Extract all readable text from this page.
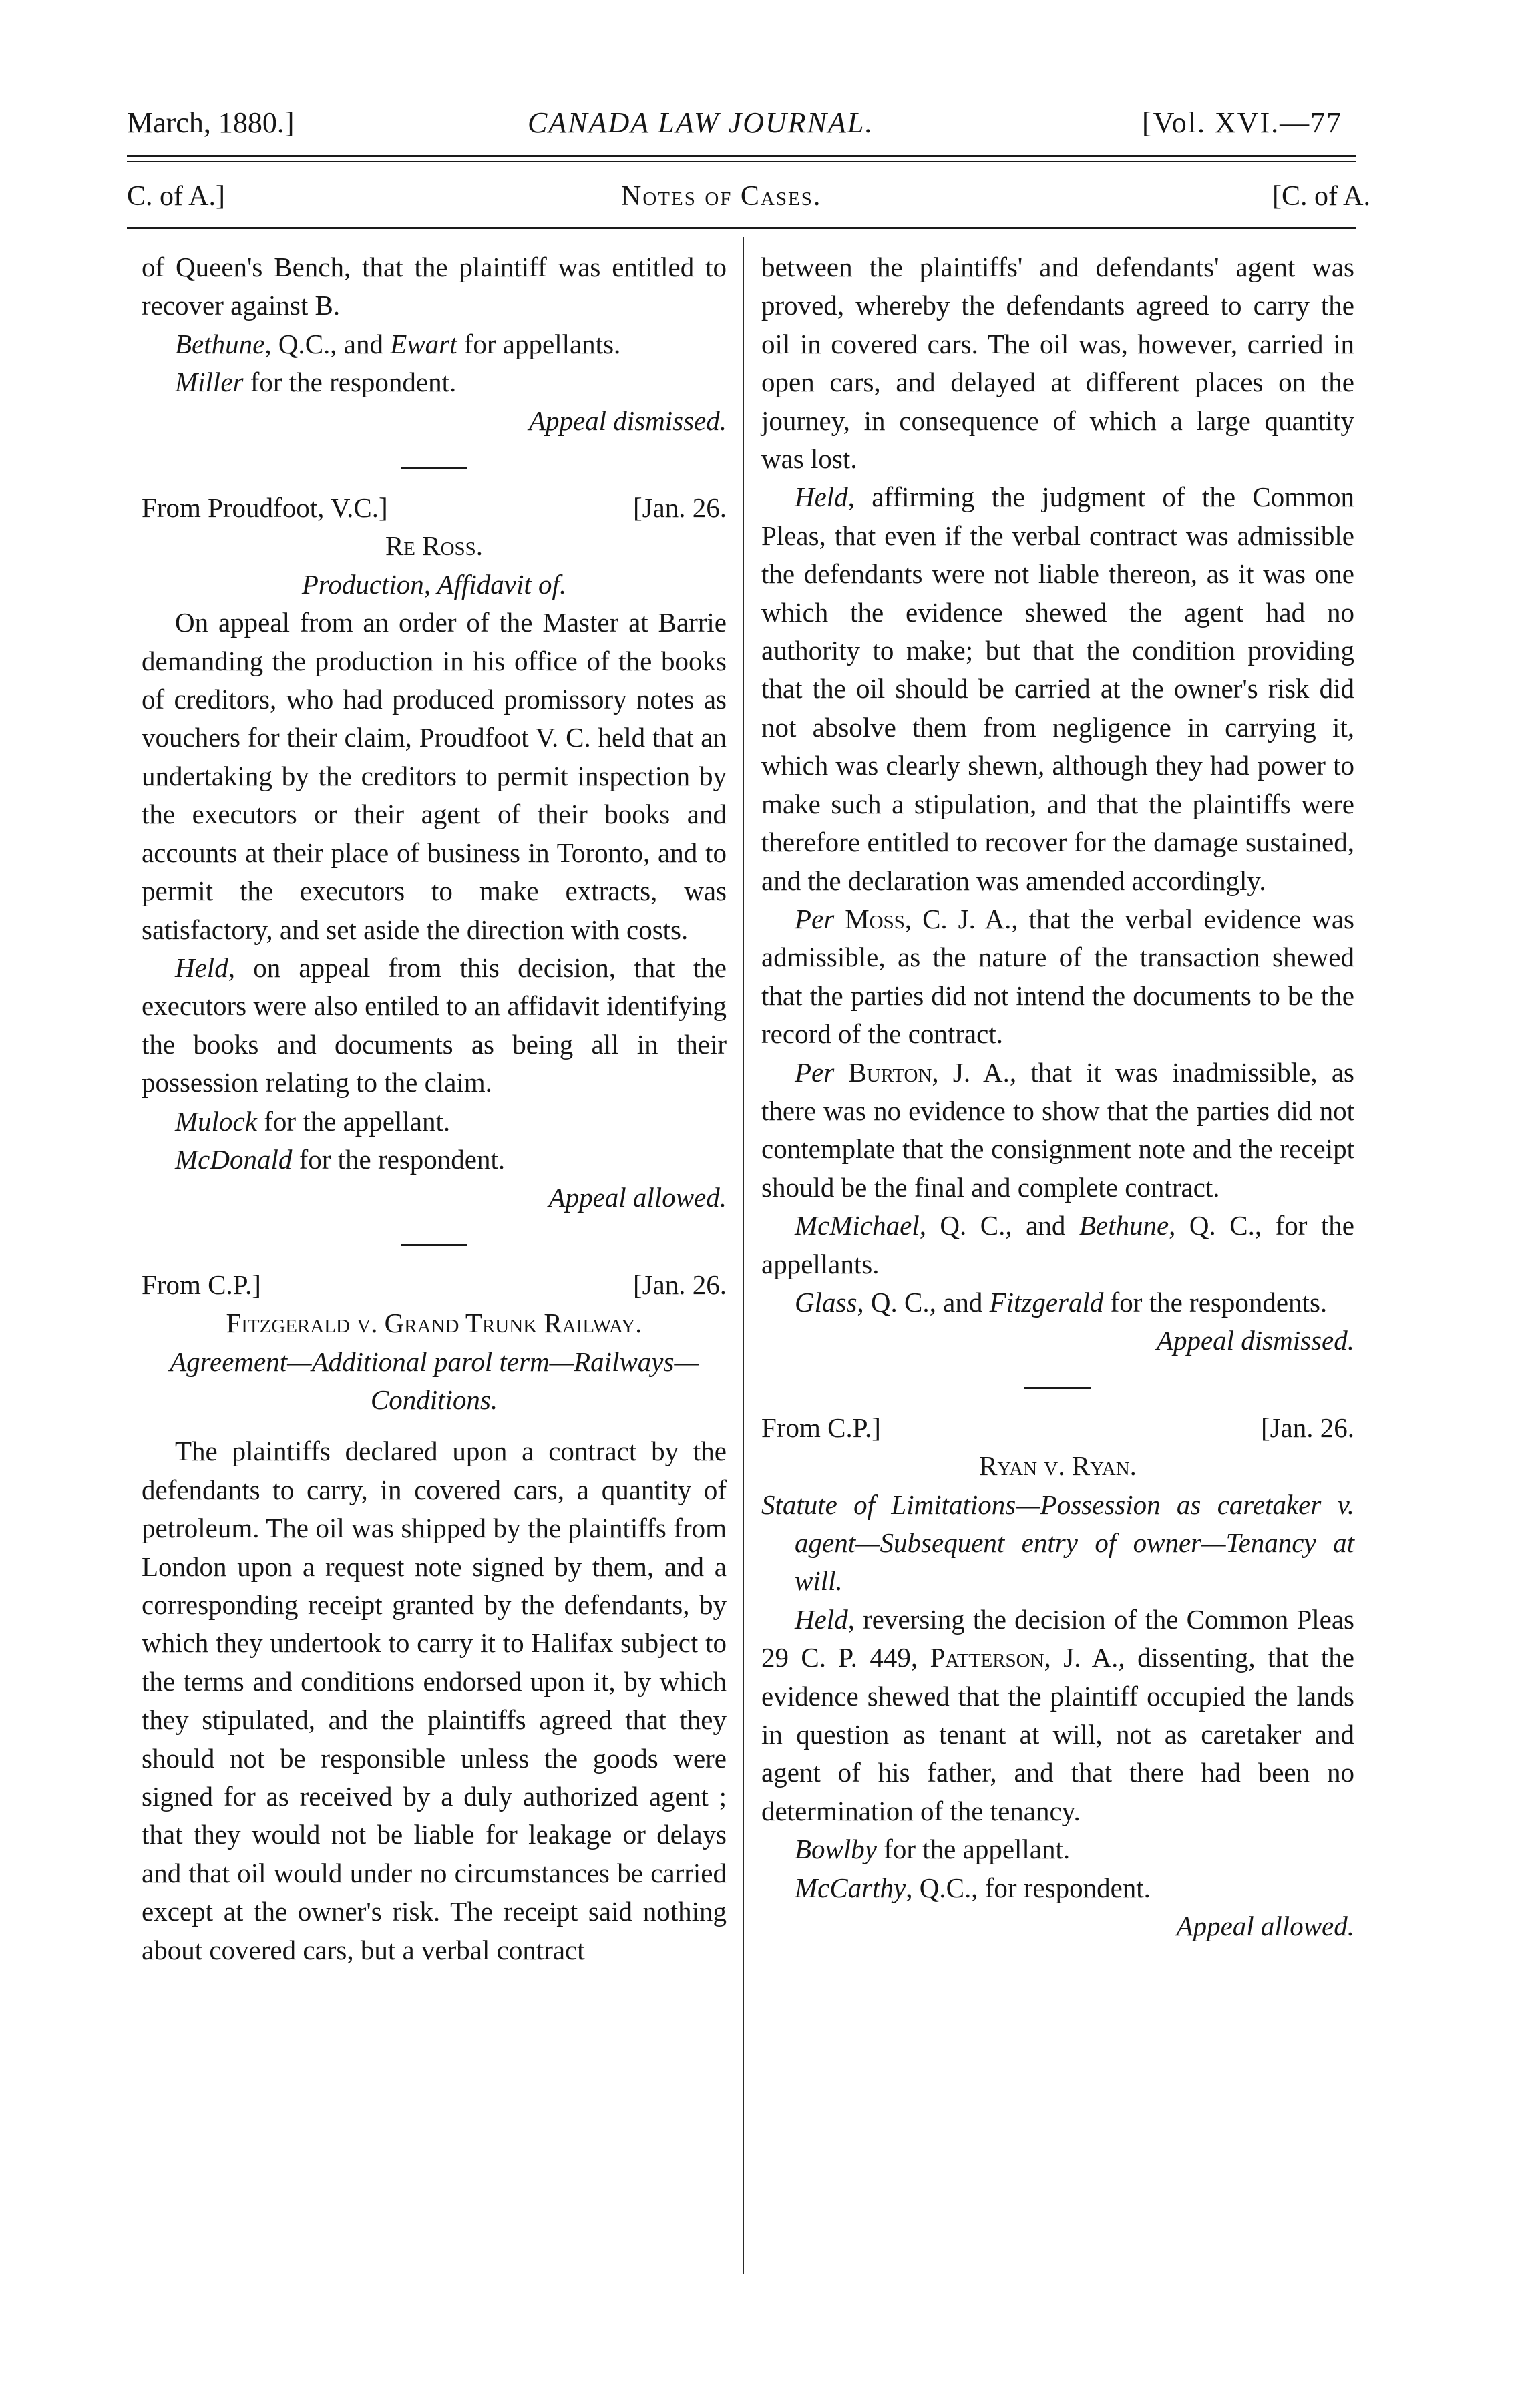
March, 1880.]	CANADA LAW JOURNAL.	[Vol. XVI.—77
C. of A.]	Notes of Cases.	[C. of A.

of Queen's Bench, that the plaintiff was entitled to recover against B.

Bethune, Q.C., and Ewart for appellants.

Miller for the respondent.

Appeal dismissed.

From Proudfoot, V.C.]	[Jan. 26.

Re Ross.

Production, Affidavit of.

On appeal from an order of the Master at Barrie demanding the production in his office of the books of creditors, who had produced promissory notes as vouchers for their claim, Proudfoot V. C. held that an undertaking by the creditors to permit inspection by the executors or their agent of their books and accounts at their place of business in Toronto, and to permit the executors to make extracts, was satisfactory, and set aside the direction with costs.

Held, on appeal from this decision, that the executors were also entiled to an affidavit identifying the books and documents as being all in their possession relating to the claim.

Mulock for the appellant.

McDonald for the respondent.

Appeal allowed.

From C.P.]	[Jan. 26.

Fitzgerald v. Grand Trunk Railway.

Agreement—Additional parol term—Railways—Conditions.

The plaintiffs declared upon a contract by the defendants to carry, in covered cars, a quantity of petroleum. The oil was shipped by the plaintiffs from London upon a request note signed by them, and a corresponding receipt granted by the defendants, by which they undertook to carry it to Halifax subject to the terms and conditions endorsed upon it, by which they stipulated, and the plaintiffs agreed that they should not be responsible unless the goods were signed for as received by a duly authorized agent ; that they would not be liable for leakage or delays and that oil would under no circumstances be carried except at the owner's risk. The receipt said nothing about covered cars, but a verbal contract

between the plaintiffs' and defendants' agent was proved, whereby the defendants agreed to carry the oil in covered cars. The oil was, however, carried in open cars, and delayed at different places on the journey, in consequence of which a large quantity was lost.

Held, affirming the judgment of the Common Pleas, that even if the verbal contract was admissible the defendants were not liable thereon, as it was one which the evidence shewed the agent had no authority to make; but that the condition providing that the oil should be carried at the owner's risk did not absolve them from negligence in carrying it, which was clearly shewn, although they had power to make such a stipulation, and that the plaintiffs were therefore entitled to recover for the damage sustained, and the declaration was amended accordingly.

Per Moss, C. J. A., that the verbal evidence was admissible, as the nature of the transaction shewed that the parties did not intend the documents to be the record of the contract.

Per Burton, J. A., that it was inadmissible, as there was no evidence to show that the parties did not contemplate that the consignment note and the receipt should be the final and complete contract.

McMichael, Q. C., and Bethune, Q. C., for the appellants.

Glass, Q. C., and Fitzgerald for the respondents.

Appeal dismissed.

From C.P.]	[Jan. 26.

Ryan v. Ryan.

Statute of Limitations—Possession as caretaker v. agent—Subsequent entry of owner—Tenancy at will.

Held, reversing the decision of the Common Pleas 29 C. P. 449, Patterson, J. A., dissenting, that the evidence shewed that the plaintiff occupied the lands in question as tenant at will, not as caretaker and agent of his father, and that there had been no determination of the tenancy.

Bowlby for the appellant.

McCarthy, Q.C., for respondent.

Appeal allowed.
